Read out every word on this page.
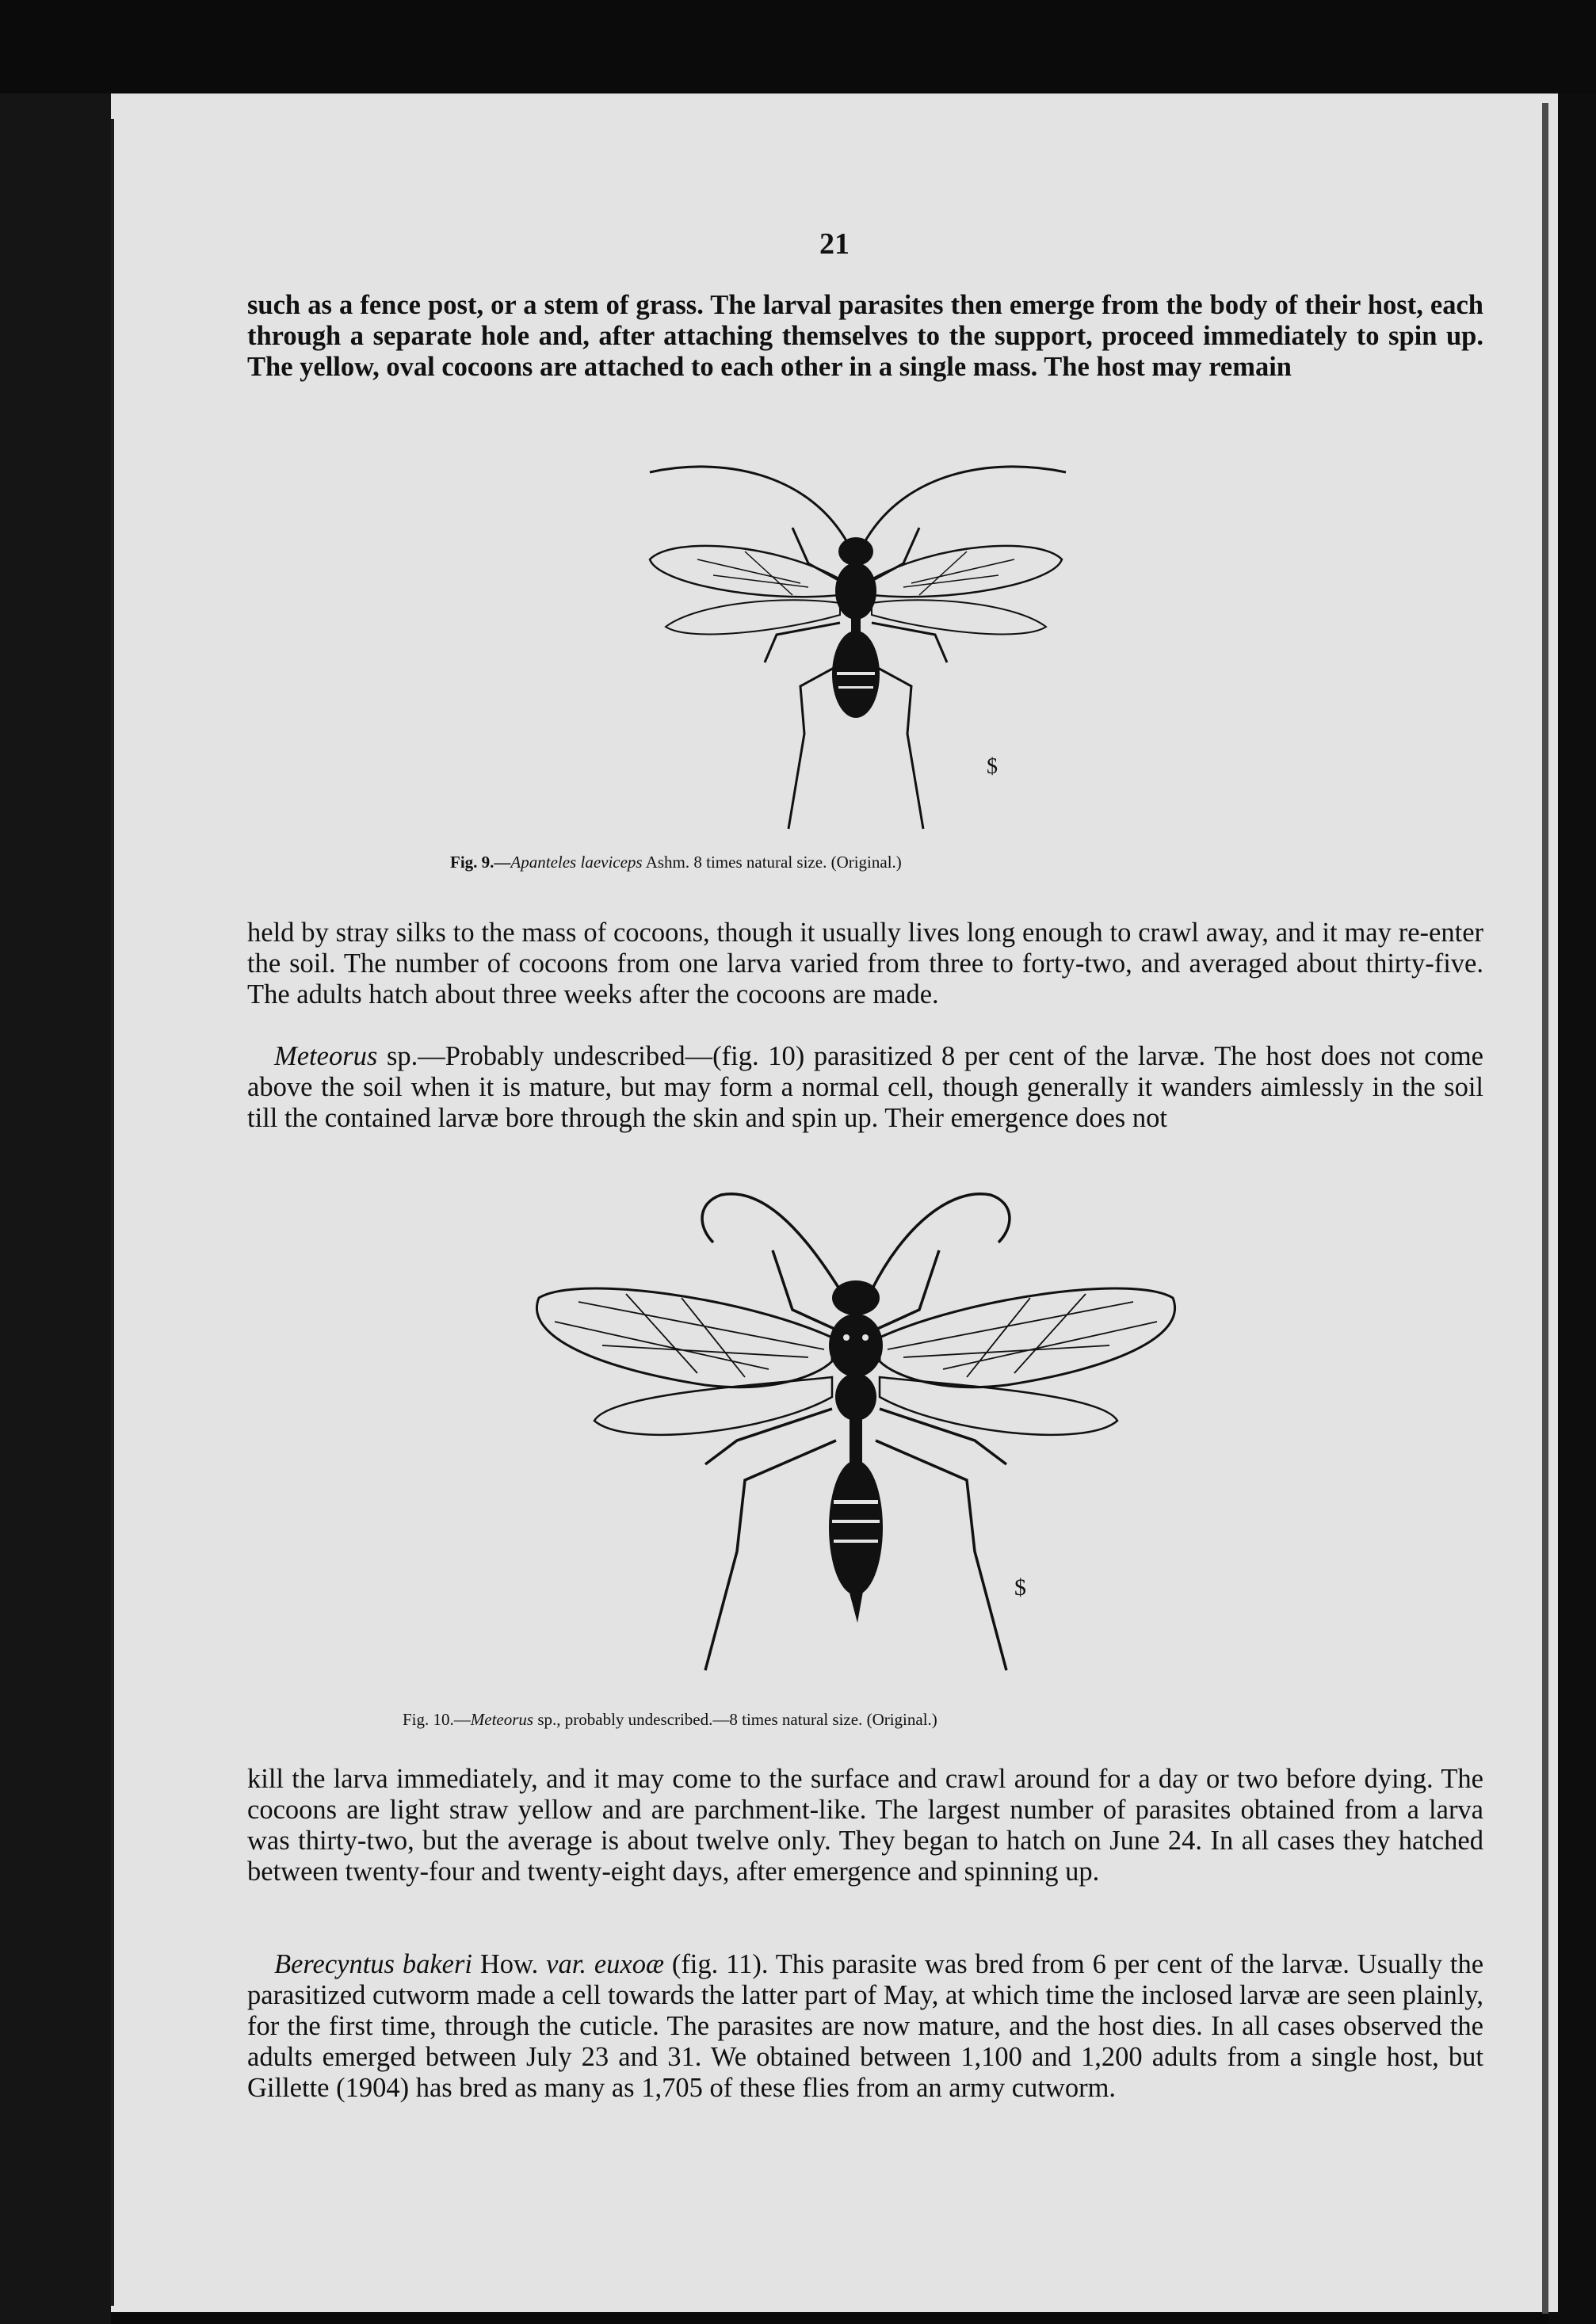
21

such as a fence post, or a stem of grass. The larval parasites then emerge from the body of their host, each through a separate hole and, after attaching themselves to the support, proceed immediately to spin up. The yellow, oval cocoons are attached to each other in a single mass. The host may remain

$
Fig. 9.—Apanteles laeviceps Ashm. 8 times natural size. (Original.)

held by stray silks to the mass of cocoons, though it usually lives long enough to crawl away, and it may re-enter the soil. The number of cocoons from one larva varied from three to forty-two, and averaged about thirty-five. The adults hatch about three weeks after the cocoons are made.

Meteorus sp.—Probably undescribed—(fig. 10) parasitized 8 per cent of the larvæ. The host does not come above the soil when it is mature, but may form a normal cell, though generally it wanders aimlessly in the soil till the contained larvæ bore through the skin and spin up. Their emergence does not

$
Fig. 10.—Meteorus sp., probably undescribed.—8 times natural size. (Original.)

kill the larva immediately, and it may come to the surface and crawl around for a day or two before dying. The cocoons are light straw yellow and are parchment-like. The largest number of parasites obtained from a larva was thirty-two, but the average is about twelve only. They began to hatch on June 24. In all cases they hatched between twenty-four and twenty-eight days, after emergence and spinning up.

Berecyntus bakeri How. var. euxoæ (fig. 11). This parasite was bred from 6 per cent of the larvæ. Usually the parasitized cutworm made a cell towards the latter part of May, at which time the inclosed larvæ are seen plainly, for the first time, through the cuticle. The parasites are now mature, and the host dies. In all cases observed the adults emerged between July 23 and 31. We obtained between 1,100 and 1,200 adults from a single host, but Gillette (1904) has bred as many as 1,705 of these flies from an army cutworm.
